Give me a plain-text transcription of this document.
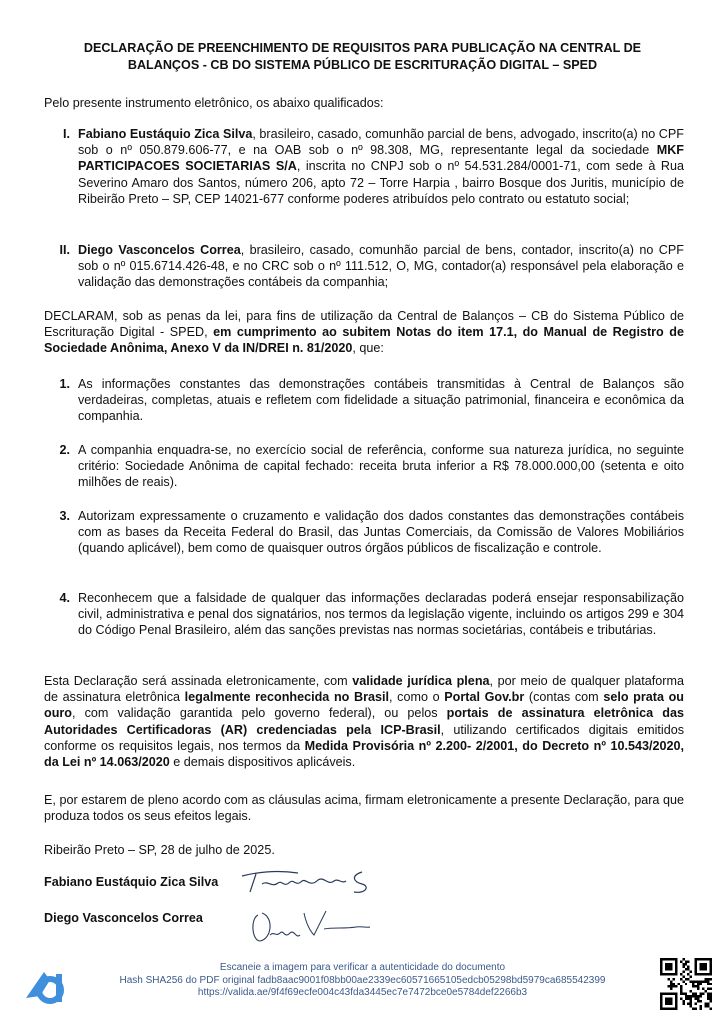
DECLARAÇÃO DE PREENCHIMENTO DE REQUISITOS PARA PUBLICAÇÃO NA CENTRAL DE
BALANÇOS - CB DO SISTEMA PÚBLICO DE ESCRITURAÇÃO DIGITAL – SPED
Pelo presente instrumento eletrônico, os abaixo qualificados:
I. Fabiano Eustáquio Zica Silva, brasileiro, casado, comunhão parcial de bens, advogado, inscrito(a) no CPF sob o nº 050.879.606-77, e na OAB sob o nº 98.308, MG, representante legal da sociedade MKF PARTICIPACOES SOCIETARIAS S/A, inscrita no CNPJ sob o nº 54.531.284/0001-71, com sede à Rua Severino Amaro dos Santos, número 206, apto 72 – Torre Harpia , bairro Bosque dos Juritis, município de Ribeirão Preto – SP, CEP 14021-677 conforme poderes atribuídos pelo contrato ou estatuto social;
II. Diego Vasconcelos Correa, brasileiro, casado, comunhão parcial de bens, contador, inscrito(a) no CPF sob o nº 015.6714.426-48, e no CRC sob o nº 111.512, O, MG, contador(a) responsável pela elaboração e validação das demonstrações contábeis da companhia;
DECLARAM, sob as penas da lei, para fins de utilização da Central de Balanços – CB do Sistema Público de Escrituração Digital - SPED, em cumprimento ao subitem Notas do item 17.1, do Manual de Registro de Sociedade Anônima, Anexo V da IN/DREI n. 81/2020, que:
1. As informações constantes das demonstrações contábeis transmitidas à Central de Balanços são verdadeiras, completas, atuais e refletem com fidelidade a situação patrimonial, financeira e econômica da companhia.
2. A companhia enquadra-se, no exercício social de referência, conforme sua natureza jurídica, no seguinte critério: Sociedade Anônima de capital fechado: receita bruta inferior a R$ 78.000.000,00 (setenta e oito milhões de reais).
3. Autorizam expressamente o cruzamento e validação dos dados constantes das demonstrações contábeis com as bases da Receita Federal do Brasil, das Juntas Comerciais, da Comissão de Valores Mobiliários (quando aplicável), bem como de quaisquer outros órgãos públicos de fiscalização e controle.
4. Reconhecem que a falsidade de qualquer das informações declaradas poderá ensejar responsabilização civil, administrativa e penal dos signatários, nos termos da legislação vigente, incluindo os artigos 299 e 304 do Código Penal Brasileiro, além das sanções previstas nas normas societárias, contábeis e tributárias.
Esta Declaração será assinada eletronicamente, com validade jurídica plena, por meio de qualquer plataforma de assinatura eletrônica legalmente reconhecida no Brasil, como o Portal Gov.br (contas com selo prata ou ouro, com validação garantida pelo governo federal), ou pelos portais de assinatura eletrônica das Autoridades Certificadoras (AR) credenciadas pela ICP-Brasil, utilizando certificados digitais emitidos conforme os requisitos legais, nos termos da Medida Provisória nº 2.200- 2/2001, do Decreto nº 10.543/2020, da Lei nº 14.063/2020 e demais dispositivos aplicáveis.
E, por estarem de pleno acordo com as cláusulas acima, firmam eletronicamente a presente Declaração, para que produza todos os seus efeitos legais.
Ribeirão Preto – SP, 28 de julho de 2025.
Fabiano Eustáquio Zica Silva
Diego Vasconcelos Correa
Escaneie a imagem para verificar a autenticidade do documento
Hash SHA256 do PDF original fadb8aac9001f08bb00ae2339ec60571665105edcb05298bd5979ca685542399
https://valida.ae/9f4f69ecfe004c43fda3445ec7e7472bce0e5784def2266b3
